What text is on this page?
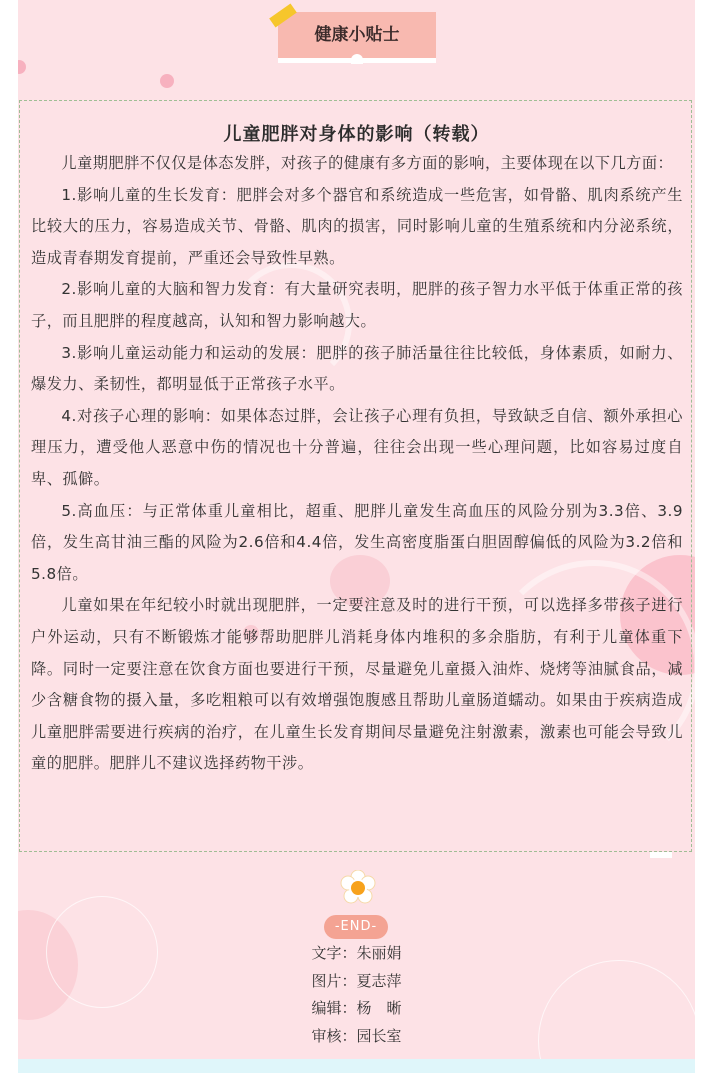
健康小贴士
儿童肥胖对身体的影响（转载）

儿童期肥胖不仅仅是体态发胖，对孩子的健康有多方面的影响，主要体现在以下几方面：

1.影响儿童的生长发育：肥胖会对多个器官和系统造成一些危害，如骨骼、肌肉系统产生比较大的压力，容易造成关节、骨骼、肌肉的损害，同时影响儿童的生殖系统和内分泌系统，造成青春期发育提前，严重还会导致性早熟。

2.影响儿童的大脑和智力发育：有大量研究表明，肥胖的孩子智力水平低于体重正常的孩子，而且肥胖的程度越高，认知和智力影响越大。

3.影响儿童运动能力和运动的发展：肥胖的孩子肺活量往往比较低，身体素质，如耐力、爆发力、柔韧性，都明显低于正常孩子水平。

4.对孩子心理的影响：如果体态过胖，会让孩子心理有负担，导致缺乏自信、额外承担心理压力，遭受他人恶意中伤的情况也十分普遍，往往会出现一些心理问题，比如容易过度自卑、孤僻。

5.高血压：与正常体重儿童相比，超重、肥胖儿童发生高血压的风险分别为3.3倍、3.9倍，发生高甘油三酯的风险为2.6倍和4.4倍，发生高密度脂蛋白胆固醇偏低的风险为3.2倍和5.8倍。

儿童如果在年纪较小时就出现肥胖，一定要注意及时的进行干预，可以选择多带孩子进行户外运动，只有不断锻炼才能够帮助肥胖儿消耗身体内堆积的多余脂肪，有利于儿童体重下降。同时一定要注意在饮食方面也要进行干预，尽量避免儿童摄入油炸、烧烤等油腻食品，减少含糖食物的摄入量，多吃粗粮可以有效增强饱腹感且帮助儿童肠道蠕动。如果由于疾病造成儿童肥胖需要进行疾病的治疗，在儿童生长发育期间尽量避免注射激素，激素也可能会导致儿童的肥胖。肥胖儿不建议选择药物干涉。

-END-
文字：朱丽娟
图片：夏志萍
编辑：杨　晰
审核：园长室
